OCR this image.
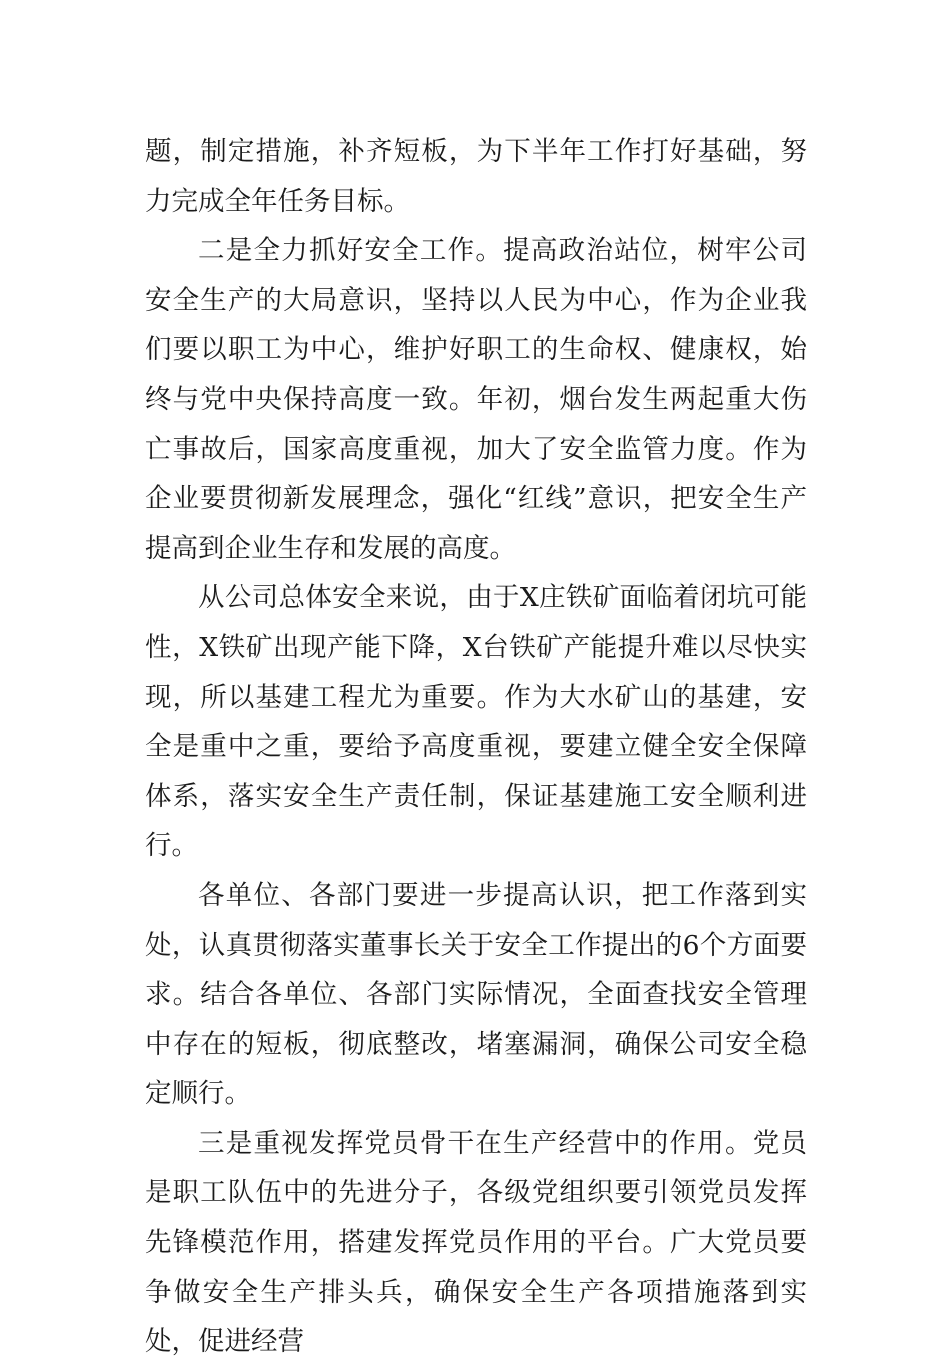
题，制定措施，补齐短板，为下半年工作打好基础，努力完成全年任务目标。

二是全力抓好安全工作。提高政治站位，树牢公司安全生产的大局意识，坚持以人民为中心，作为企业我们要以职工为中心，维护好职工的生命权、健康权，始终与党中央保持高度一致。年初，烟台发生两起重大伤亡事故后，国家高度重视，加大了安全监管力度。作为企业要贯彻新发展理念，强化“红线”意识，把安全生产提高到企业生存和发展的高度。

从公司总体安全来说，由于X庄铁矿面临着闭坑可能性，X铁矿出现产能下降，X台铁矿产能提升难以尽快实现，所以基建工程尤为重要。作为大水矿山的基建，安全是重中之重，要给予高度重视，要建立健全安全保障体系，落实安全生产责任制，保证基建施工安全顺利进行。

各单位、各部门要进一步提高认识，把工作落到实处，认真贯彻落实董事长关于安全工作提出的6个方面要求。结合各单位、各部门实际情况，全面查找安全管理中存在的短板，彻底整改，堵塞漏洞，确保公司安全稳定顺行。

三是重视发挥党员骨干在生产经营中的作用。党员是职工队伍中的先进分子，各级党组织要引领党员发挥先锋模范作用，搭建发挥党员作用的平台。广大党员要争做安全生产排头兵，确保安全生产各项措施落到实处，促进经营
